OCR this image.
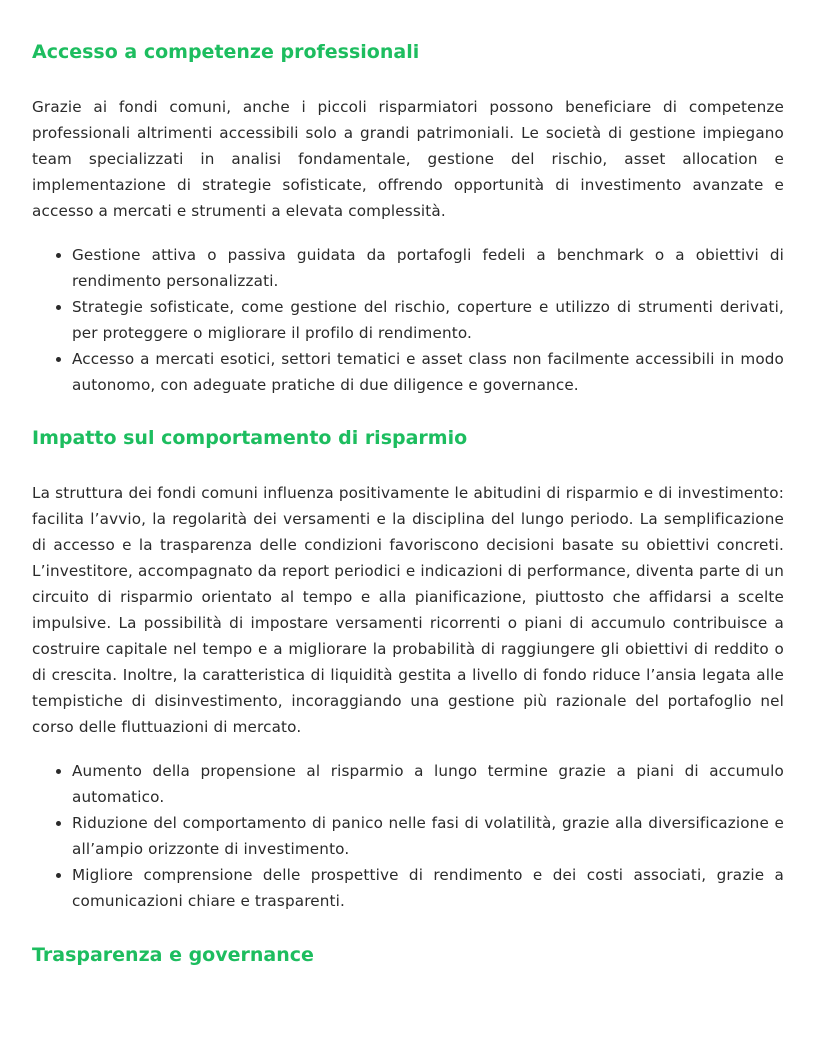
Accesso a competenze professionali

Grazie ai fondi comuni, anche i piccoli risparmiatori possono beneficiare di competenze professionali altrimenti accessibili solo a grandi patrimoniali. Le società di gestione impiegano team specializzati in analisi fondamentale, gestione del rischio, asset allocation e implementazione di strategie sofisticate, offrendo opportunità di investimento avanzate e accesso a mercati e strumenti a elevata complessità.

• Gestione attiva o passiva guidata da portafogli fedeli a benchmark o a obiettivi di rendimento personalizzati.
• Strategie sofisticate, come gestione del rischio, coperture e utilizzo di strumenti derivati, per proteggere o migliorare il profilo di rendimento.
• Accesso a mercati esotici, settori tematici e asset class non facilmente accessibili in modo autonomo, con adeguate pratiche di due diligence e governance.
Impatto sul comportamento di risparmio

La struttura dei fondi comuni influenza positivamente le abitudini di risparmio e di investimento: facilita l’avvio, la regolarità dei versamenti e la disciplina del lungo periodo. La semplificazione di accesso e la trasparenza delle condizioni favoriscono decisioni basate su obiettivi concreti. L’investitore, accompagnato da report periodici e indicazioni di performance, diventa parte di un circuito di risparmio orientato al tempo e alla pianificazione, piuttosto che affidarsi a scelte impulsive. La possibilità di impostare versamenti ricorrenti o piani di accumulo contribuisce a costruire capitale nel tempo e a migliorare la probabilità di raggiungere gli obiettivi di reddito o di crescita. Inoltre, la caratteristica di liquidità gestita a livello di fondo riduce l’ansia legata alle tempistiche di disinvestimento, incoraggiando una gestione più razionale del portafoglio nel corso delle fluttuazioni di mercato.

• Aumento della propensione al risparmio a lungo termine grazie a piani di accumulo automatico.
• Riduzione del comportamento di panico nelle fasi di volatilità, grazie alla diversificazione e all’ampio orizzonte di investimento.
• Migliore comprensione delle prospettive di rendimento e dei costi associati, grazie a comunicazioni chiare e trasparenti.
Trasparenza e governance
